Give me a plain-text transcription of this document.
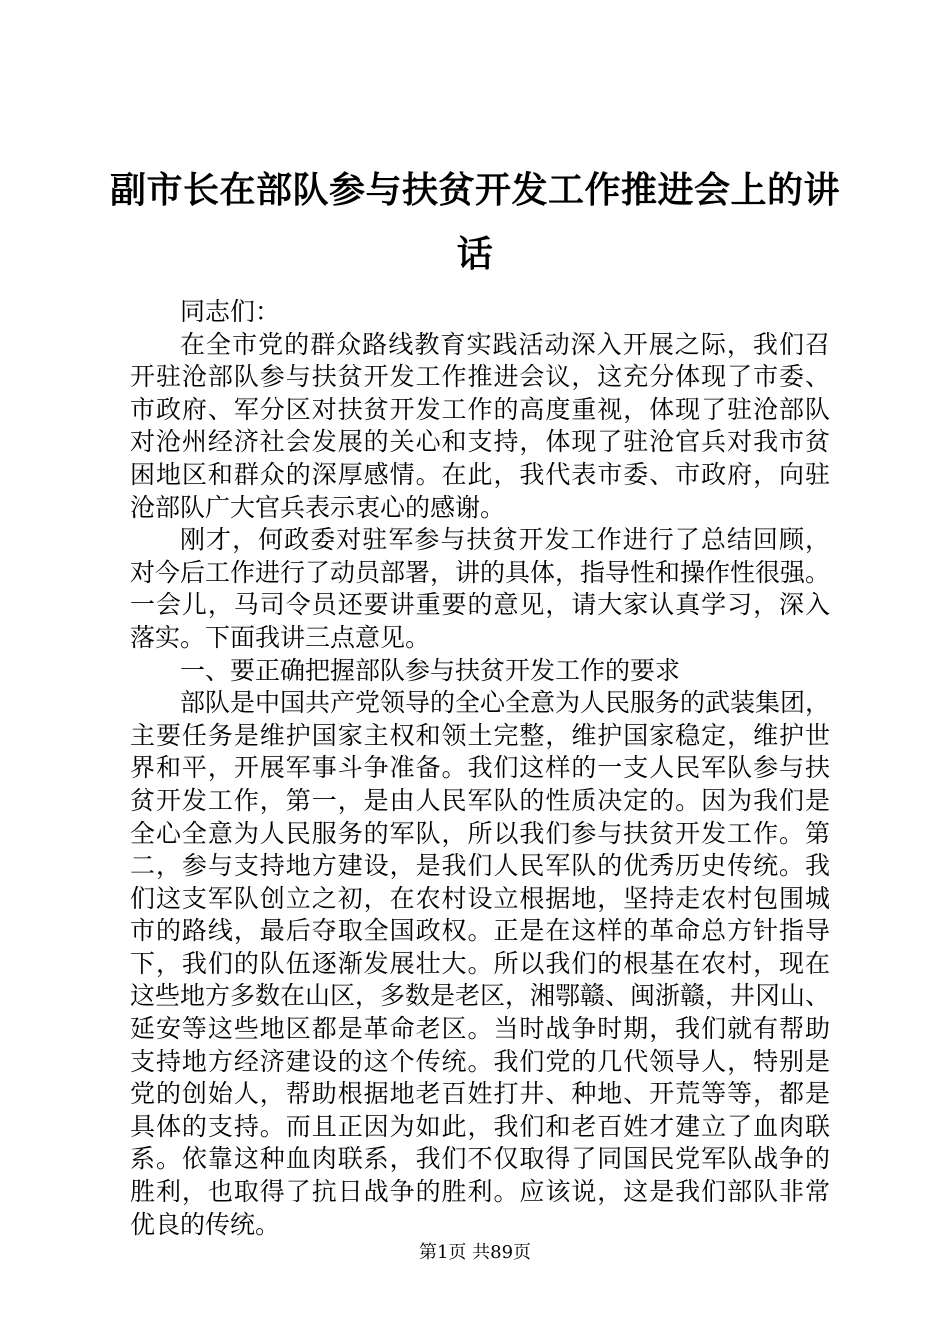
副市长在部队参与扶贫开发工作推进会上的讲
话
同志们：
在全市党的群众路线教育实践活动深入开展之际，我们召
开驻沧部队参与扶贫开发工作推进会议，这充分体现了市委、
市政府、军分区对扶贫开发工作的高度重视，体现了驻沧部队
对沧州经济社会发展的关心和支持，体现了驻沧官兵对我市贫
困地区和群众的深厚感情。在此，我代表市委、市政府，向驻
沧部队广大官兵表示衷心的感谢。
刚才，何政委对驻军参与扶贫开发工作进行了总结回顾，
对今后工作进行了动员部署，讲的具体，指导性和操作性很强。
一会儿，马司令员还要讲重要的意见，请大家认真学习，深入
落实。下面我讲三点意见。
一、要正确把握部队参与扶贫开发工作的要求
部队是中国共产党领导的全心全意为人民服务的武装集团，
主要任务是维护国家主权和领土完整，维护国家稳定，维护世
界和平，开展军事斗争准备。我们这样的一支人民军队参与扶
贫开发工作，第一，是由人民军队的性质决定的。因为我们是
全心全意为人民服务的军队，所以我们参与扶贫开发工作。第
二，参与支持地方建设，是我们人民军队的优秀历史传统。我
们这支军队创立之初，在农村设立根据地，坚持走农村包围城
市的路线，最后夺取全国政权。正是在这样的革命总方针指导
下，我们的队伍逐渐发展壮大。所以我们的根基在农村，现在
这些地方多数在山区，多数是老区，湘鄂赣、闽浙赣，井冈山、
延安等这些地区都是革命老区。当时战争时期，我们就有帮助
支持地方经济建设的这个传统。我们党的几代领导人，特别是
党的创始人，帮助根据地老百姓打井、种地、开荒等等，都是
具体的支持。而且正因为如此，我们和老百姓才建立了血肉联
系。依靠这种血肉联系，我们不仅取得了同国民党军队战争的
胜利，也取得了抗日战争的胜利。应该说，这是我们部队非常
优良的传统。
第1页 共89页
